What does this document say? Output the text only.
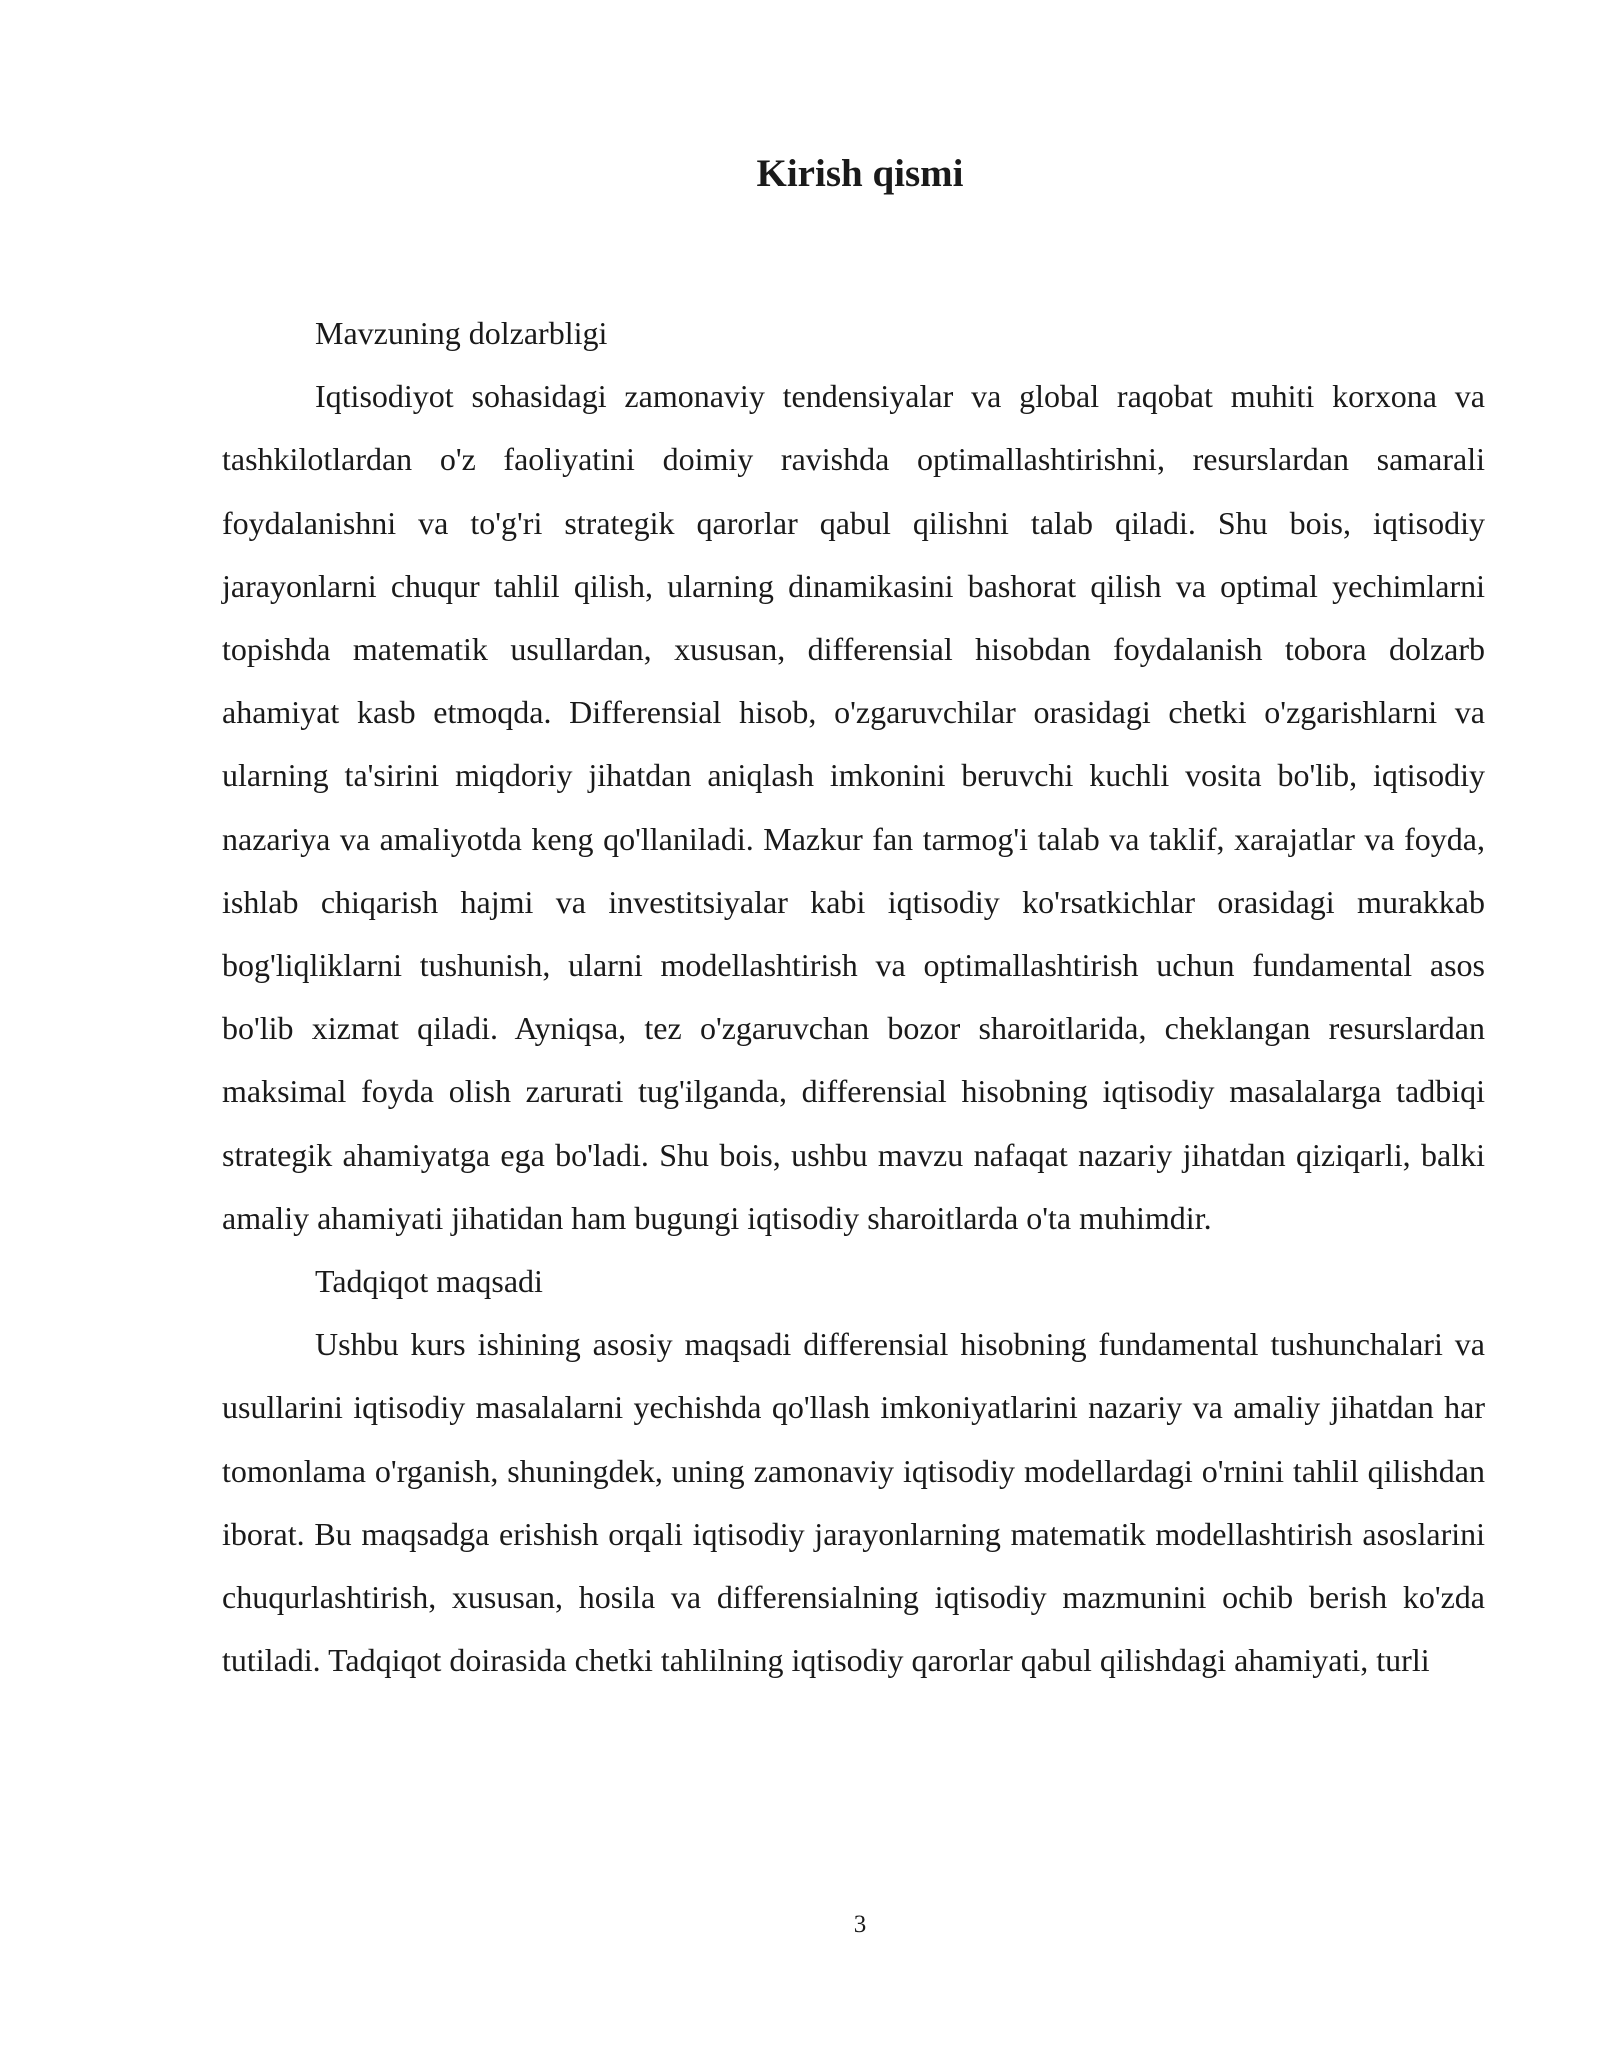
Kirish qismi

Mavzuning dolzarbligi

Iqtisodiyot sohasidagi zamonaviy tendensiyalar va global raqobat muhiti korxona va tashkilotlardan o'z faoliyatini doimiy ravishda optimallashtirishni, resurslardan samarali foydalanishni va to'g'ri strategik qarorlar qabul qilishni talab qiladi. Shu bois, iqtisodiy jarayonlarni chuqur tahlil qilish, ularning dinamikasini bashorat qilish va optimal yechimlarni topishda matematik usullardan, xususan, differensial hisobdan foydalanish tobora dolzarb ahamiyat kasb etmoqda. Differensial hisob, o'zgaruvchilar orasidagi chetki o'zgarishlarni va ularning ta'sirini miqdoriy jihatdan aniqlash imkonini beruvchi kuchli vosita bo'lib, iqtisodiy nazariya va amaliyotda keng qo'llaniladi. Mazkur fan tarmog'i talab va taklif, xarajatlar va foyda, ishlab chiqarish hajmi va investitsiyalar kabi iqtisodiy ko'rsatkichlar orasidagi murakkab bog'liqliklarni tushunish, ularni modellashtirish va optimallashtirish uchun fundamental asos bo'lib xizmat qiladi. Ayniqsa, tez o'zgaruvchan bozor sharoitlarida, cheklangan resurslardan maksimal foyda olish zarurati tug'ilganda, differensial hisobning iqtisodiy masalalarga tadbiqi strategik ahamiyatga ega bo'ladi. Shu bois, ushbu mavzu nafaqat nazariy jihatdan qiziqarli, balki amaliy ahamiyati jihatidan ham bugungi iqtisodiy sharoitlarda o'ta muhimdir.

Tadqiqot maqsadi

Ushbu kurs ishining asosiy maqsadi differensial hisobning fundamental tushunchalari va usullarini iqtisodiy masalalarni yechishda qo'llash imkoniyatlarini nazariy va amaliy jihatdan har tomonlama o'rganish, shuningdek, uning zamonaviy iqtisodiy modellardagi o'rnini tahlil qilishdan iborat. Bu maqsadga erishish orqali iqtisodiy jarayonlarning matematik modellashtirish asoslarini chuqurlashtirish, xususan, hosila va differensialning iqtisodiy mazmunini ochib berish ko'zda tutiladi. Tadqiqot doirasida chetki tahlilning iqtisodiy qarorlar qabul qilishdagi ahamiyati, turli

3
